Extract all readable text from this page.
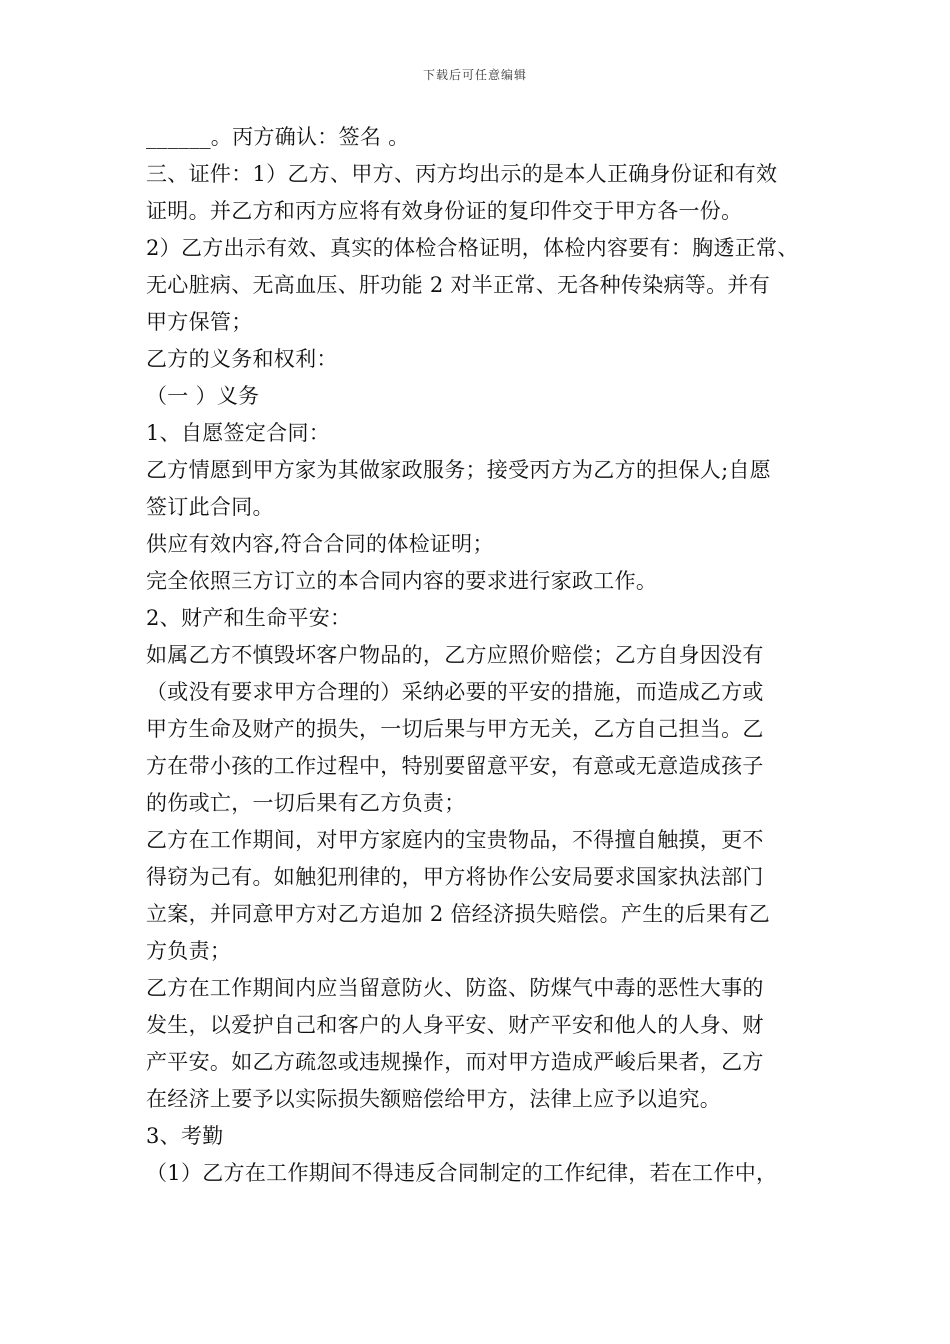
下载后可任意编辑
______。丙方确认：签名 。
三、证件：1）乙方、甲方、丙方均出示的是本人正确身份证和有效
证明。并乙方和丙方应将有效身份证的复印件交于甲方各一份。
2）乙方出示有效、真实的体检合格证明，体检内容要有：胸透正常、
无心脏病、无高血压、肝功能 2 对半正常、无各种传染病等。并有
甲方保管；
乙方的义务和权利：
（一 ）义务
1、自愿签定合同：
乙方情愿到甲方家为其做家政服务；接受丙方为乙方的担保人;自愿
签订此合同。
供应有效内容,符合合同的体检证明；
完全依照三方订立的本合同内容的要求进行家政工作。
2、财产和生命平安：
如属乙方不慎毁坏客户物品的，乙方应照价赔偿；乙方自身因没有
（或没有要求甲方合理的）采纳必要的平安的措施，而造成乙方或
甲方生命及财产的损失，一切后果与甲方无关，乙方自己担当。乙
方在带小孩的工作过程中，特别要留意平安，有意或无意造成孩子
的伤或亡，一切后果有乙方负责；
乙方在工作期间，对甲方家庭内的宝贵物品，不得擅自触摸，更不
得窃为己有。如触犯刑律的，甲方将协作公安局要求国家执法部门
立案，并同意甲方对乙方追加 2 倍经济损失赔偿。产生的后果有乙
方负责；
乙方在工作期间内应当留意防火、防盗、防煤气中毒的恶性大事的
发生，以爱护自己和客户的人身平安、财产平安和他人的人身、财
产平安。如乙方疏忽或违规操作，而对甲方造成严峻后果者，乙方
在经济上要予以实际损失额赔偿给甲方，法律上应予以追究。
3、考勤
（1）乙方在工作期间不得违反合同制定的工作纪律，若在工作中，
